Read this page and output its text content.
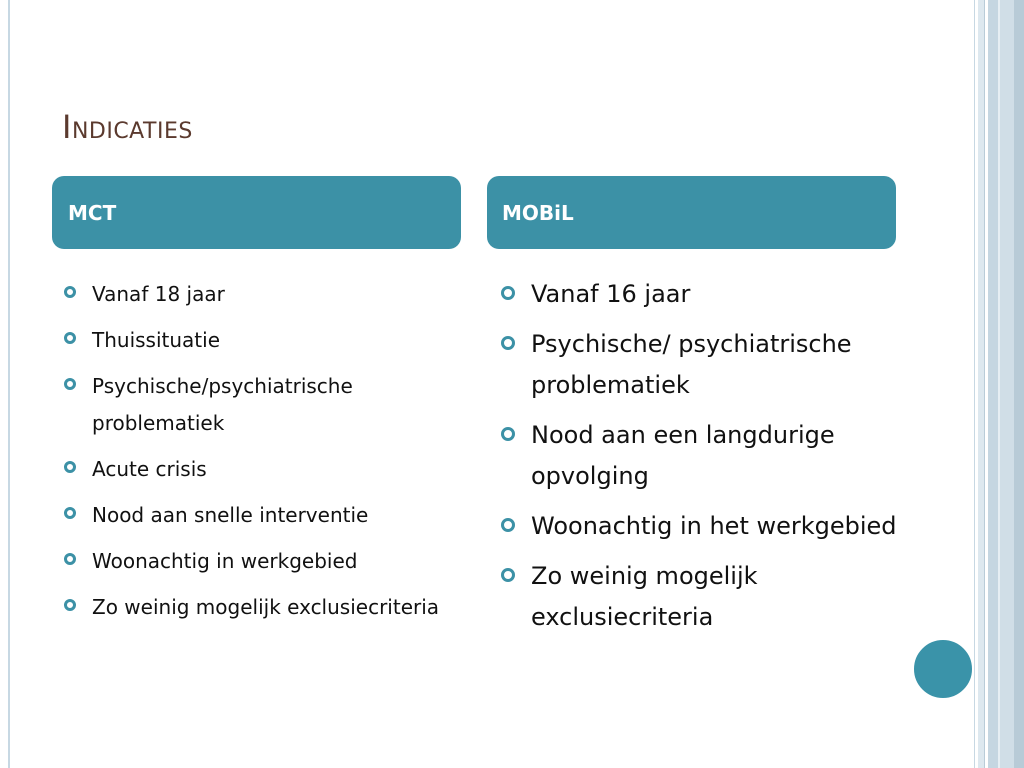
Indicaties
MCT	MOBiL
Vanaf 18 jaar
Thuissituatie
Psychische/psychiatrische problematiek
Acute crisis
Nood aan snelle interventie
Woonachtig in werkgebied
Zo weinig mogelijk exclusiecriteria
Vanaf 16 jaar
Psychische/ psychiatrische problematiek
Nood aan een langdurige opvolging
Woonachtig in het werkgebied
Zo weinig mogelijk exclusiecriteria
